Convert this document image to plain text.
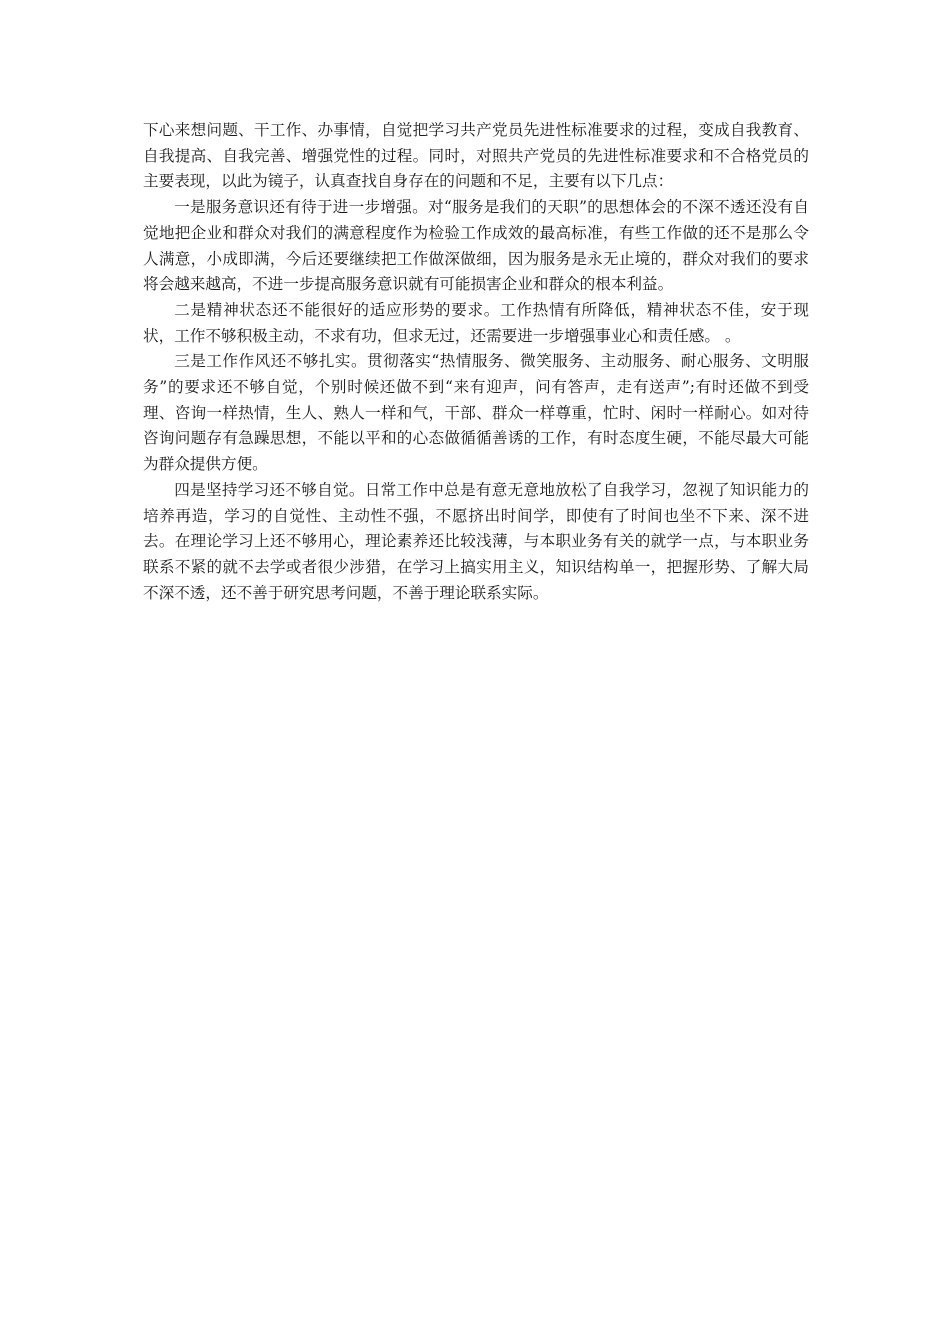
下心来想问题、干工作、办事情，自觉把学习共产党员先进性标准要求的过程，变成自我教育、自我提高、自我完善、增强党性的过程。同时，对照共产党员的先进性标准要求和不合格党员的主要表现，以此为镜子，认真查找自身存在的问题和不足，主要有以下几点：

一是服务意识还有待于进一步增强。对“服务是我们的天职”的思想体会的不深不透还没有自觉地把企业和群众对我们的满意程度作为检验工作成效的最高标准，有些工作做的还不是那么令人满意，小成即满，今后还要继续把工作做深做细，因为服务是永无止境的，群众对我们的要求将会越来越高，不进一步提高服务意识就有可能损害企业和群众的根本利益。

二是精神状态还不能很好的适应形势的要求。工作热情有所降低，精神状态不佳，安于现状，工作不够积极主动，不求有功，但求无过，还需要进一步增强事业心和责任感。 。

三是工作作风还不够扎实。贯彻落实“热情服务、微笑服务、主动服务、耐心服务、文明服务”的要求还不够自觉，个别时候还做不到“来有迎声，问有答声，走有送声”;有时还做不到受理、咨询一样热情，生人、熟人一样和气，干部、群众一样尊重，忙时、闲时一样耐心。如对待咨询问题存有急躁思想，不能以平和的心态做循循善诱的工作，有时态度生硬，不能尽最大可能为群众提供方便。

四是坚持学习还不够自觉。日常工作中总是有意无意地放松了自我学习，忽视了知识能力的培养再造，学习的自觉性、主动性不强，不愿挤出时间学，即使有了时间也坐不下来、深不进去。在理论学习上还不够用心，理论素养还比较浅薄，与本职业务有关的就学一点，与本职业务联系不紧的就不去学或者很少涉猎，在学习上搞实用主义，知识结构单一，把握形势、了解大局不深不透，还不善于研究思考问题，不善于理论联系实际。
